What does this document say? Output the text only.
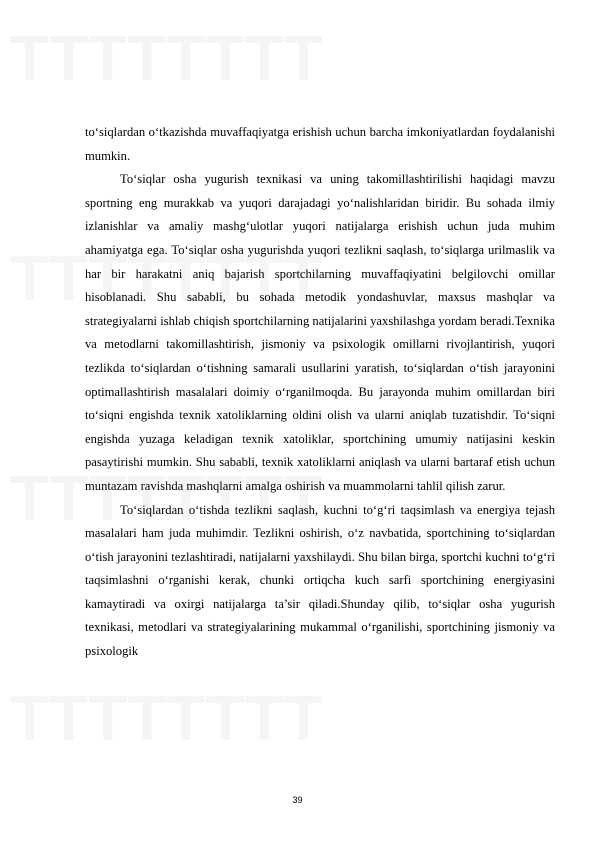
to‘siqlardan o‘tkazishda muvaffaqiyatga erishish uchun barcha imkoniyatlardan foydalanishi mumkin.

To‘siqlar osha yugurish texnikasi va uning takomillashtirilishi haqidagi mavzu sportning eng murakkab va yuqori darajadagi yo‘nalishlaridan biridir. Bu sohada ilmiy izlanishlar va amaliy mashg‘ulotlar yuqori natijalarga erishish uchun juda muhim ahamiyatga ega. To‘siqlar osha yugurishda yuqori tezlikni saqlash, to‘siqlarga urilmaslik va har bir harakatni aniq bajarish sportchilarning muvaffaqiyatini belgilovchi omillar hisoblanadi. Shu sababli, bu sohada metodik yondashuvlar, maxsus mashqlar va strategiyalarni ishlab chiqish sportchilarning natijalarini yaxshilashga yordam beradi.Texnika va metodlarni takomillashtirish, jismoniy va psixologik omillarni rivojlantirish, yuqori tezlikda to‘siqlardan o‘tishning samarali usullarini yaratish, to‘siqlardan o‘tish jarayonini optimallashtirish masalalari doimiy o‘rganilmoqda. Bu jarayonda muhim omillardan biri to‘siqni engishda texnik xatoliklarning oldini olish va ularni aniqlab tuzatishdir. To‘siqni engishda yuzaga keladigan texnik xatoliklar, sportchining umumiy natijasini keskin pasaytirishi mumkin. Shu sababli, texnik xatoliklarni aniqlash va ularni bartaraf etish uchun muntazam ravishda mashqlarni amalga oshirish va muammolarni tahlil qilish zarur.

To‘siqlardan o‘tishda tezlikni saqlash, kuchni to‘g‘ri taqsimlash va energiya tejash masalalari ham juda muhimdir. Tezlikni oshirish, o‘z navbatida, sportchining to‘siqlardan o‘tish jarayonini tezlashtiradi, natijalarni yaxshilaydi. Shu bilan birga, sportchi kuchni to‘g‘ri taqsimlashni o‘rganishi kerak, chunki ortiqcha kuch sarfi sportchining energiyasini kamaytiradi va oxirgi natijalarga ta’sir qiladi.Shunday qilib, to‘siqlar osha yugurish texnikasi, metodlari va strategiyalarining mukammal o‘rganilishi, sportchining jismoniy va psixologik

39
